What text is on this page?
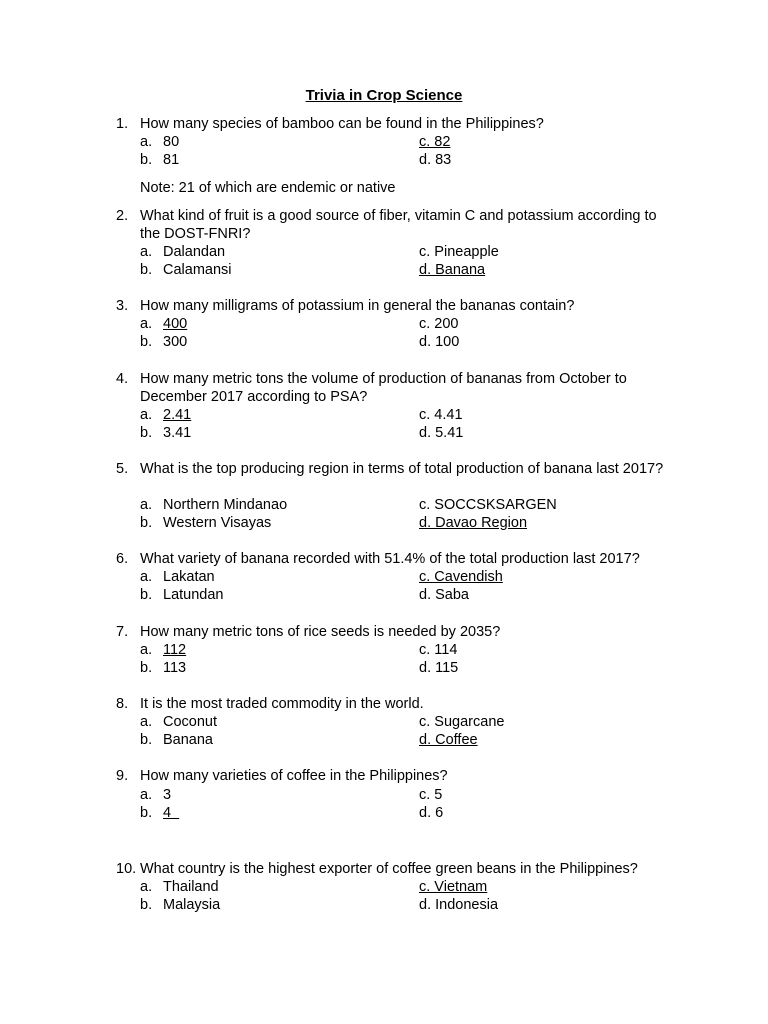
Trivia in Crop Science
1. How many species of bamboo can be found in the Philippines?
a. 80	c. 82
b. 81	d. 83
Note: 21 of which are endemic or native
2. What kind of fruit is a good source of fiber, vitamin C and potassium according to the DOST-FNRI?
a. Dalandan	c. Pineapple
b. Calamansi	d. Banana
3. How many milligrams of potassium in general the bananas contain?
a. 400	c. 200
b. 300	d. 100
4. How many metric tons the volume of production of bananas from October to December 2017 according to PSA?
a. 2.41	c. 4.41
b. 3.41	d. 5.41
5. What is the top producing region in terms of total production of banana last 2017?
a. Northern Mindanao	c. SOCCSKSARGEN
b. Western Visayas	d. Davao Region
6. What variety of banana recorded with 51.4% of the total production last 2017?
a. Lakatan	c. Cavendish
b. Latundan	d. Saba
7. How many metric tons of rice seeds is needed by 2035?
a. 112	c. 114
b. 113	d. 115
8. It is the most traded commodity in the world.
a. Coconut	c. Sugarcane
b. Banana	d. Coffee
9. How many varieties of coffee in the Philippines?
a. 3	c. 5
b. 4	d. 6
10. What country is the highest exporter of coffee green beans in the Philippines?
a. Thailand	c. Vietnam
b. Malaysia	d. Indonesia
